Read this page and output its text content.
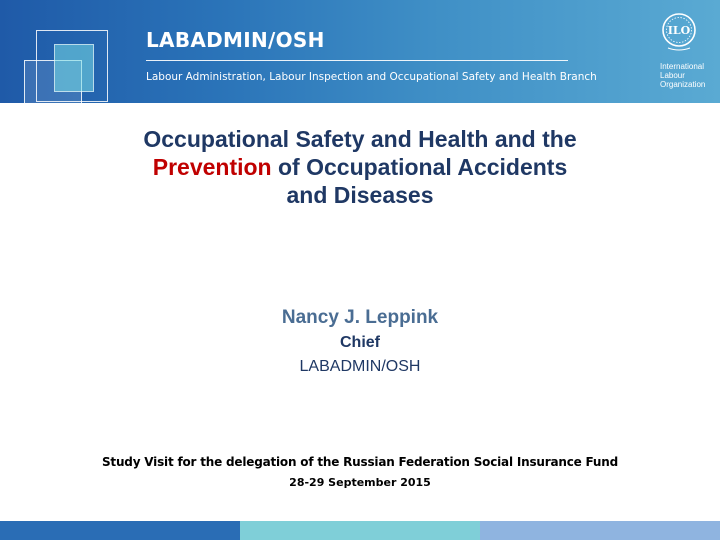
LABADMIN/OSH
Labour Administration, Labour Inspection and Occupational Safety and Health Branch
ILO
International
Labour
Organization
Occupational Safety and Health and the
Prevention of Occupational Accidents
and Diseases
Nancy J. Leppink
Chief
LABADMIN/OSH
Study Visit for the delegation of the Russian Federation Social Insurance Fund
28-29 September 2015
